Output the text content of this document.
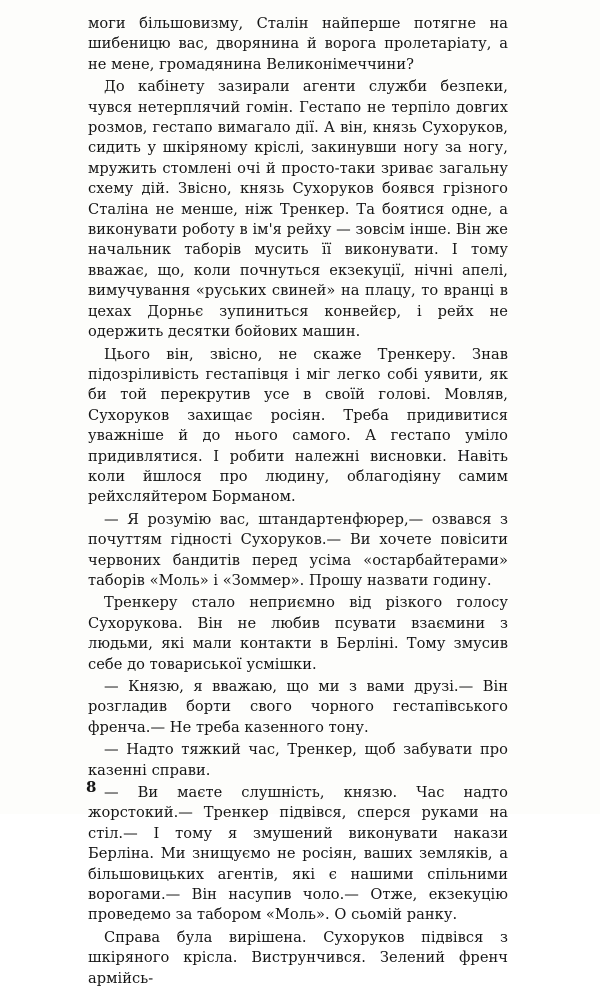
моги більшовизму, Сталін найперше потягне на шибеницю вас, дворянина й ворога пролетаріату, а не мене, громадянина Великонімеччини?

До кабінету зазирали агенти служби безпеки, чувся нетерплячий гомін. Гестапо не терпіло довгих розмов, гестапо вимагало дії. А він, князь Сухоруков, сидить у шкіряному кріслі, закинувши ногу за ногу, мружить стомлені очі й просто-таки зриває загальну схему дій. Звісно, князь Сухоруков боявся грізного Сталіна не менше, ніж Тренкер. Та боятися одне, а виконувати роботу в ім'я рейху — зовсім інше. Він же начальник таборів мусить її виконувати. І тому вважає, що, коли почнуться екзекуції, нічні апелі, вимучування «руських свиней» на плацу, то вранці в цехах Дорньє зупиниться конвейєр, і рейх не одержить десятки бойових машин.

Цього він, звісно, не скаже Тренкеру. Знав підозріливість гестапівця і міг легко собі уявити, як би той перекрутив усе в своїй голові. Мовляв, Сухоруков захищає росіян. Треба придивитися уважніше й до нього самого. А гестапо уміло придивлятися. І робити належні висновки. Навіть коли йшлося про людину, облагодіяну самим рейхсляйтером Борманом.

— Я розумію вас, штандартенфюрер,— озвався з почуттям гідності Сухоруков.— Ви хочете повісити червоних бандитів перед усіма «остарбайтерами» таборів «Моль» і «Зоммер». Прошу назвати годину.

Тренкеру стало неприємно від різкого голосу Сухорукова. Він не любив псувати взаємини з людьми, які мали контакти в Берліні. Тому змусив себе до товариської усмішки.

— Князю, я вважаю, що ми з вами друзі.— Він розгладив борти свого чорного гестапівського френча.— Не треба казенного тону.

— Надто тяжкий час, Тренкер, щоб забувати про казенні справи.

— Ви маєте слушність, князю. Час надто жорстокий.— Тренкер підвівся, сперся руками на стіл.— І тому я змушений виконувати накази Берліна. Ми знищуємо не росіян, ваших земляків, а більшовицьких агентів, які є нашими спільними ворогами.— Він насупив чоло.— Отже, екзекуцію проведемо за табором «Моль». О сьомій ранку.

Справа була вирішена. Сухоруков підвівся з шкіряного крісла. Виструнчився. Зелений френч армійсь-

8
